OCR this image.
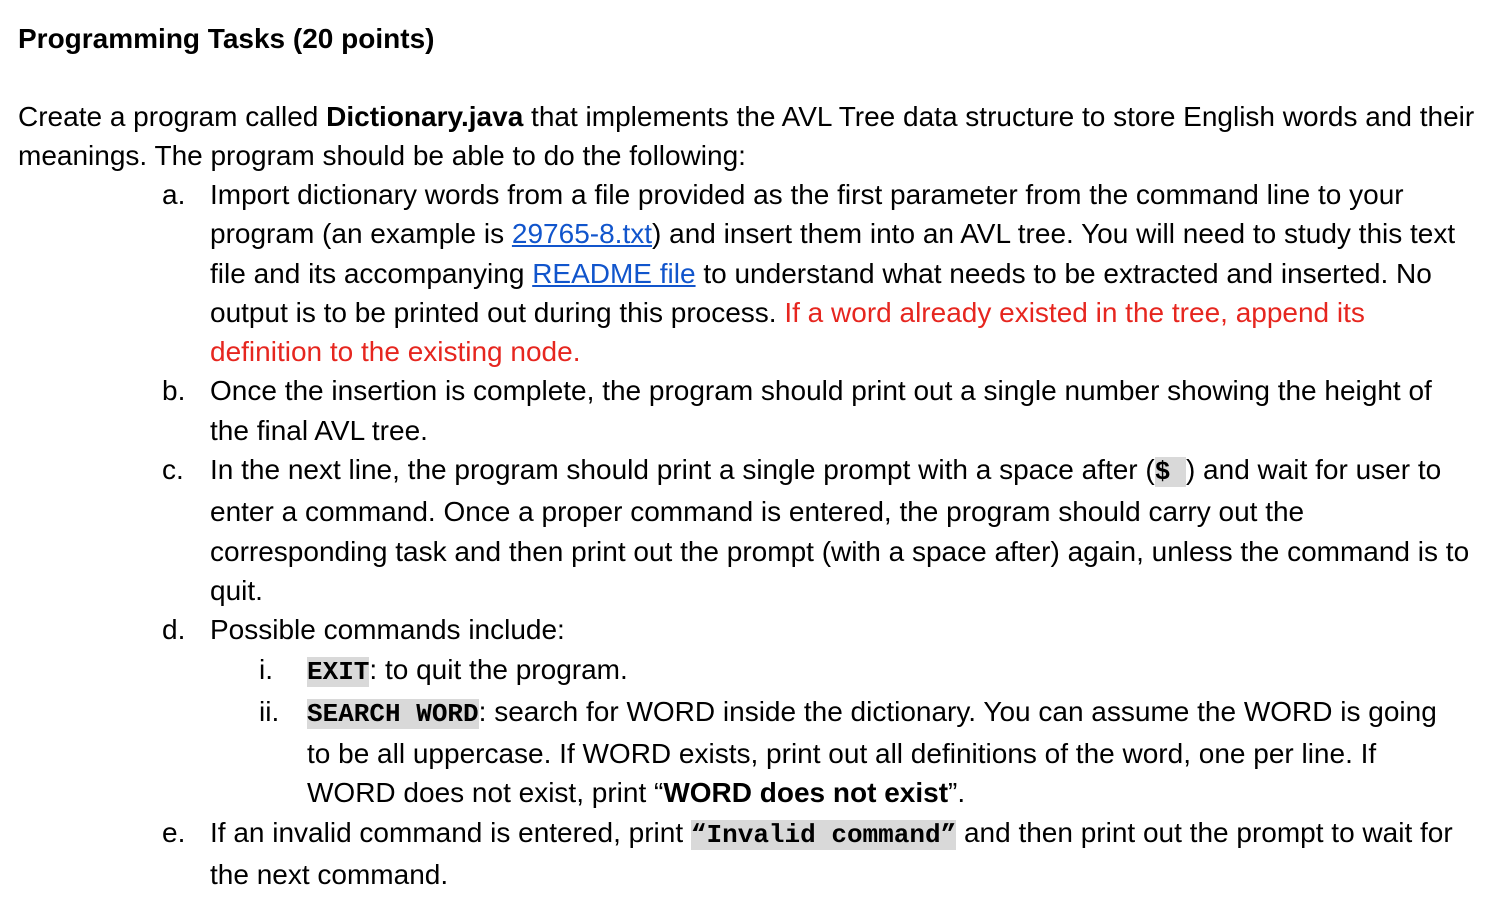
Programming Tasks (20 points)
Create a program called Dictionary.java that implements the AVL Tree data structure to store English words and their meanings. The program should be able to do the following:
a. Import dictionary words from a file provided as the first parameter from the command line to your program (an example is 29765-8.txt) and insert them into an AVL tree. You will need to study this text file and its accompanying README file to understand what needs to be extracted and inserted. No output is to be printed out during this process. If a word already existed in the tree, append its definition to the existing node.
b. Once the insertion is complete, the program should print out a single number showing the height of the final AVL tree.
c. In the next line, the program should print a single prompt with a space after ($ ) and wait for user to enter a command. Once a proper command is entered, the program should carry out the corresponding task and then print out the prompt (with a space after) again, unless the command is to quit.
d. Possible commands include:
i. EXIT: to quit the program.
ii. SEARCH WORD: search for WORD inside the dictionary. You can assume the WORD is going to be all uppercase. If WORD exists, print out all definitions of the word, one per line. If WORD does not exist, print “WORD does not exist”.
e. If an invalid command is entered, print “Invalid command” and then print out the prompt to wait for the next command.
